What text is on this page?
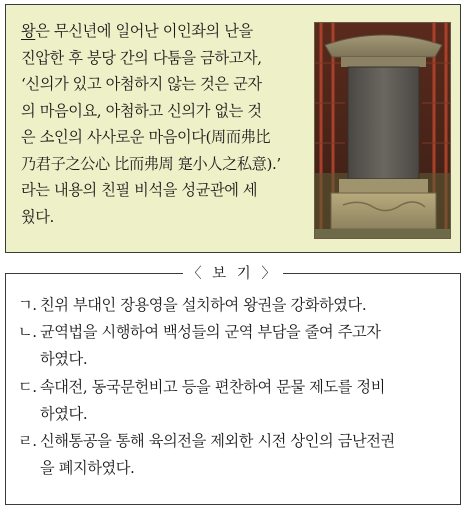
왕은 무신년에 일어난 이인좌의 난을
진압한 후 붕당 간의 다툼을 금하고자,
‘신의가 있고 아첨하지 않는 것은 군자
의 마음이요, 아첨하고 신의가 없는 것
은 소인의 사사로운 마음이다(周而弗比
乃君子之公心 比而弗周 寔小人之私意).’
라는 내용의 친필 비석을 성균관에 세
웠다.
〈 보 기 〉
ㄱ. 친위 부대인 장용영을 설치하여 왕권을 강화하였다.
ㄴ. 균역법을 시행하여 백성들의 군역 부담을 줄여 주고자
하였다.
ㄷ. 속대전, 동국문헌비고 등을 편찬하여 문물 제도를 정비
하였다.
ㄹ. 신해통공을 통해 육의전을 제외한 시전 상인의 금난전권
을 폐지하였다.
